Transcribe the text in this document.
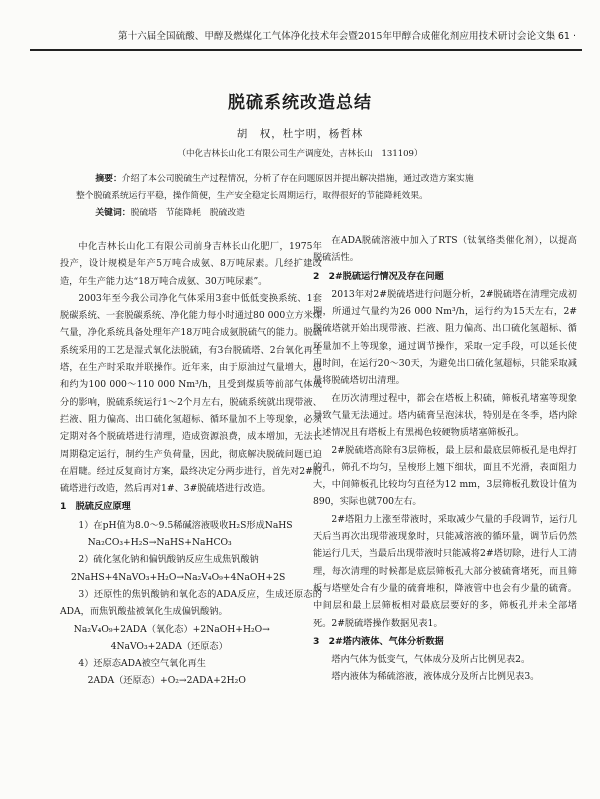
第十六届全国硫酸、甲醇及燃煤化工气体净化技术年会暨2015年甲醇合成催化剂应用技术研讨会论文集
· 61 ·
脱硫系统改造总结
胡　权，杜宇明，杨哲林
（中化吉林长山化工有限公司生产调度处，吉林长山　131109）

摘要：介绍了本公司脱硫生产过程情况，分析了存在问题原因并提出解决措施，通过改造方案实施

整个脱硫系统运行平稳，操作简便，生产安全稳定长周期运行，取得很好的节能降耗效果。

关键词：脱硫塔　节能降耗　脱硫改造

中化吉林长山化工有限公司前身吉林长山化肥厂，1975年投产，设计规模是年产5万吨合成氨、8万吨尿素。几经扩建改造，年生产能力达“18万吨合成氨、30万吨尿素”。

2003年至今我公司净化气体采用3套中低低变换系统、1套脱碳系统、一套脱碳系统、净化能力每小时通过80 000立方米煤气量，净化系统具备处理年产18万吨合成氨脱硫气的能力。脱硫系统采用的工艺是湿式氧化法脱硫，有3台脱硫塔、2台氧化再生塔，在生产时采取并联操作。近年来，由于原油过气量增大，总和约为100 000～110 000 Nm³/h，且受到煤质等前部气体成分的影响，脱硫系统运行1～2个月左右，脱硫系统就出现带液、拦液、阻力偏高、出口硫化氢超标、循环量加不上等现象，必须定期对各个脱硫塔进行清理，造成资源浪费，成本增加，无法长周期稳定运行，制约生产负荷量，因此，彻底解决脱硫问题已迫在眉睫。经过反复商讨方案，最终决定分两步进行，首先对2#脱硫塔进行改造，然后再对1#、3#脱硫塔进行改造。

1　脱硫反应原理

1）在pH值为8.0～9.5稀碱溶液吸收H₂S形成NaHS

Na₂CO₃+H₂S→NaHS+NaHCO₃

2）硫化氢化钠和偏钒酸钠反应生成焦钒酸钠

2NaHS+4NaVO₃+H₂O→Na₂V₄O₉+4NaOH+2S

3）还原性的焦钒酸钠和氧化态的ADA反应，生成还原态的ADA，而焦钒酸盐被氧化生成偏钒酸钠。

Na₂V₄O₉+2ADA（氧化态）+2NaOH+H₂O→

4NaVO₃+2ADA（还原态）

4）还原态ADA被空气氧化再生

2ADA（还原态）+O₂→2ADA+2H₂O

在ADA脱硫溶液中加入了RTS（钛氧络类催化剂），以提高脱硫活性。

2　2#脱硫运行情况及存在问题

2013年对2#脱硫塔进行问题分析，2#脱硫塔在清理完成初期，所通过气量约为26 000 Nm³/h，运行约为15天左右，2#脱硫塔就开始出现带液、拦液、阻力偏高、出口硫化氢超标、循环量加不上等现象，通过调节操作，采取一定手段，可以延长使用时间，在运行20～30天，为避免出口硫化氢超标，只能采取减量将脱硫塔切出清理。

在历次清理过程中，都会在塔板上积硫，筛板孔堵塞等现象导致气量无法通过。塔内硫膏呈泡沫状，特别是在冬季，塔内除上述情况且有塔板上有黑褐色较硬物质堵塞筛板孔。

2#脱硫塔高除有3层筛板，最上层和最底层筛板孔是电焊打的孔，筛孔不均匀，呈梭形上翘下细状，面且不光滑，表面阻力大，中间筛板孔比较均匀直径为12 mm，3层筛板孔数设计值为890，实际也就700左右。

2#塔阻力上涨至带液时，采取减少气量的手段调节，运行几天后当再次出现带液现象时，只能减溶液的循环量，调节后仍然能运行几天，当最后出现带液时只能减将2#塔切除，进行人工清理，每次清理的时候都是底层筛板孔大部分被硫膏堵死，而且筛板与塔壁处合有少量的硫膏堆积，降液管中也会有少量的硫膏。中间层和最上层筛板相对最底层要好的多，筛板孔并未全部堵死。2#脱硫塔操作数据见表1。

3　2#塔内液体、气体分析数据

塔内气体为低变气，气体成分及所占比例见表2。

塔内液体为稀硫溶液，液体成分及所占比例见表3。
